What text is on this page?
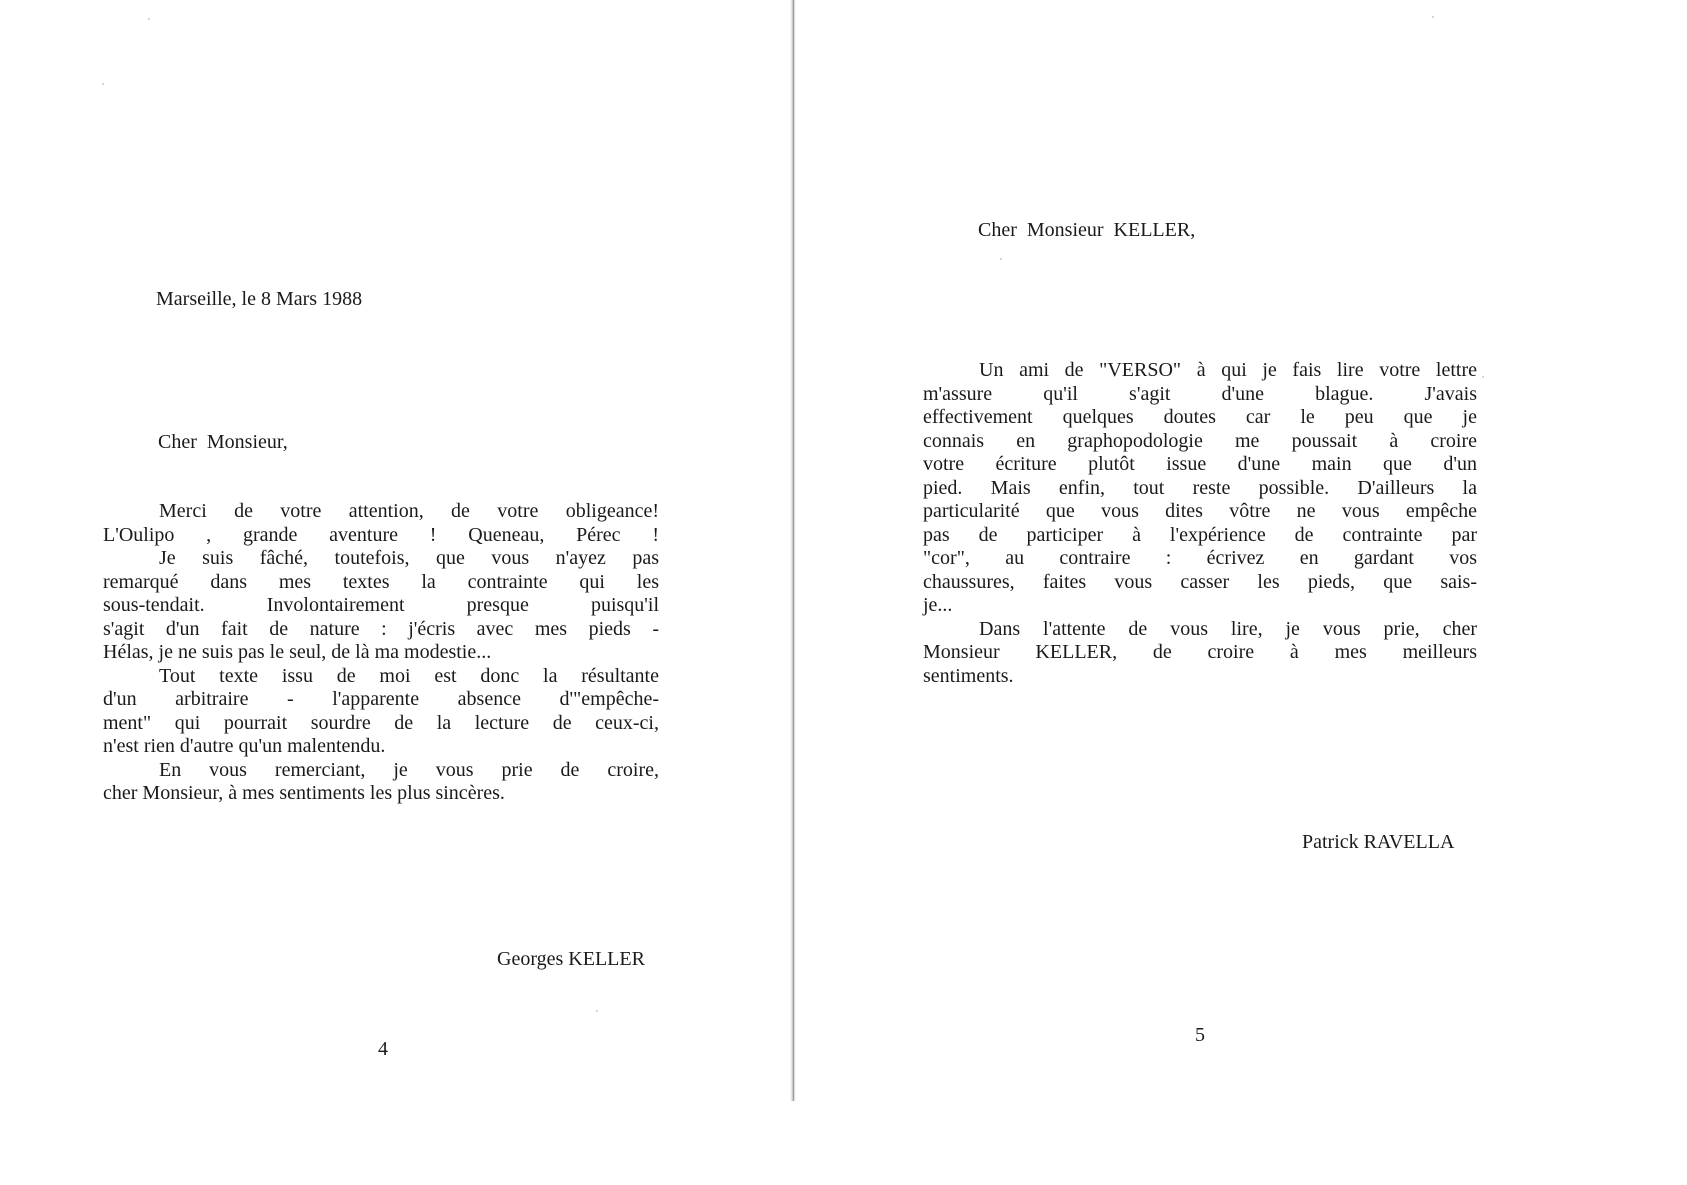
Marseille, le 8 Mars 1988
Cher  Monsieur,
Merci de votre attention, de votre obligeance!
L'Oulipo , grande aventure ! Queneau, Pérec !
Je suis fâché, toutefois, que vous n'ayez pas
remarqué dans mes textes la contrainte qui les
sous-tendait. Involontairement presque puisqu'il
s'agit d'un fait de nature : j'écris avec mes pieds -
Hélas, je ne suis pas le seul, de là ma modestie...
Tout texte issu de moi est donc la résultante
d'un arbitraire - l'apparente absence d'"empêche-
ment" qui pourrait sourdre de la lecture de ceux-ci,
n'est rien d'autre qu'un malentendu.
En vous remerciant, je vous prie de croire,
cher Monsieur, à mes sentiments les plus sincères.
Georges KELLER
4
Cher  Monsieur  KELLER,
Un ami de "VERSO" à qui je fais lire votre lettre
m'assure qu'il s'agit d'une blague. J'avais
effectivement quelques doutes car le peu que je
connais en graphopodologie me poussait à croire
votre écriture plutôt issue d'une main que d'un
pied. Mais enfin, tout reste possible. D'ailleurs la
particularité que vous dites vôtre ne vous empêche
pas de participer à l'expérience de contrainte par
"cor", au contraire : écrivez en gardant vos
chaussures, faites vous casser les pieds, que sais-
je...
Dans l'attente de vous lire, je vous prie, cher
Monsieur KELLER, de croire à mes meilleurs
sentiments.
Patrick RAVELLA
5
